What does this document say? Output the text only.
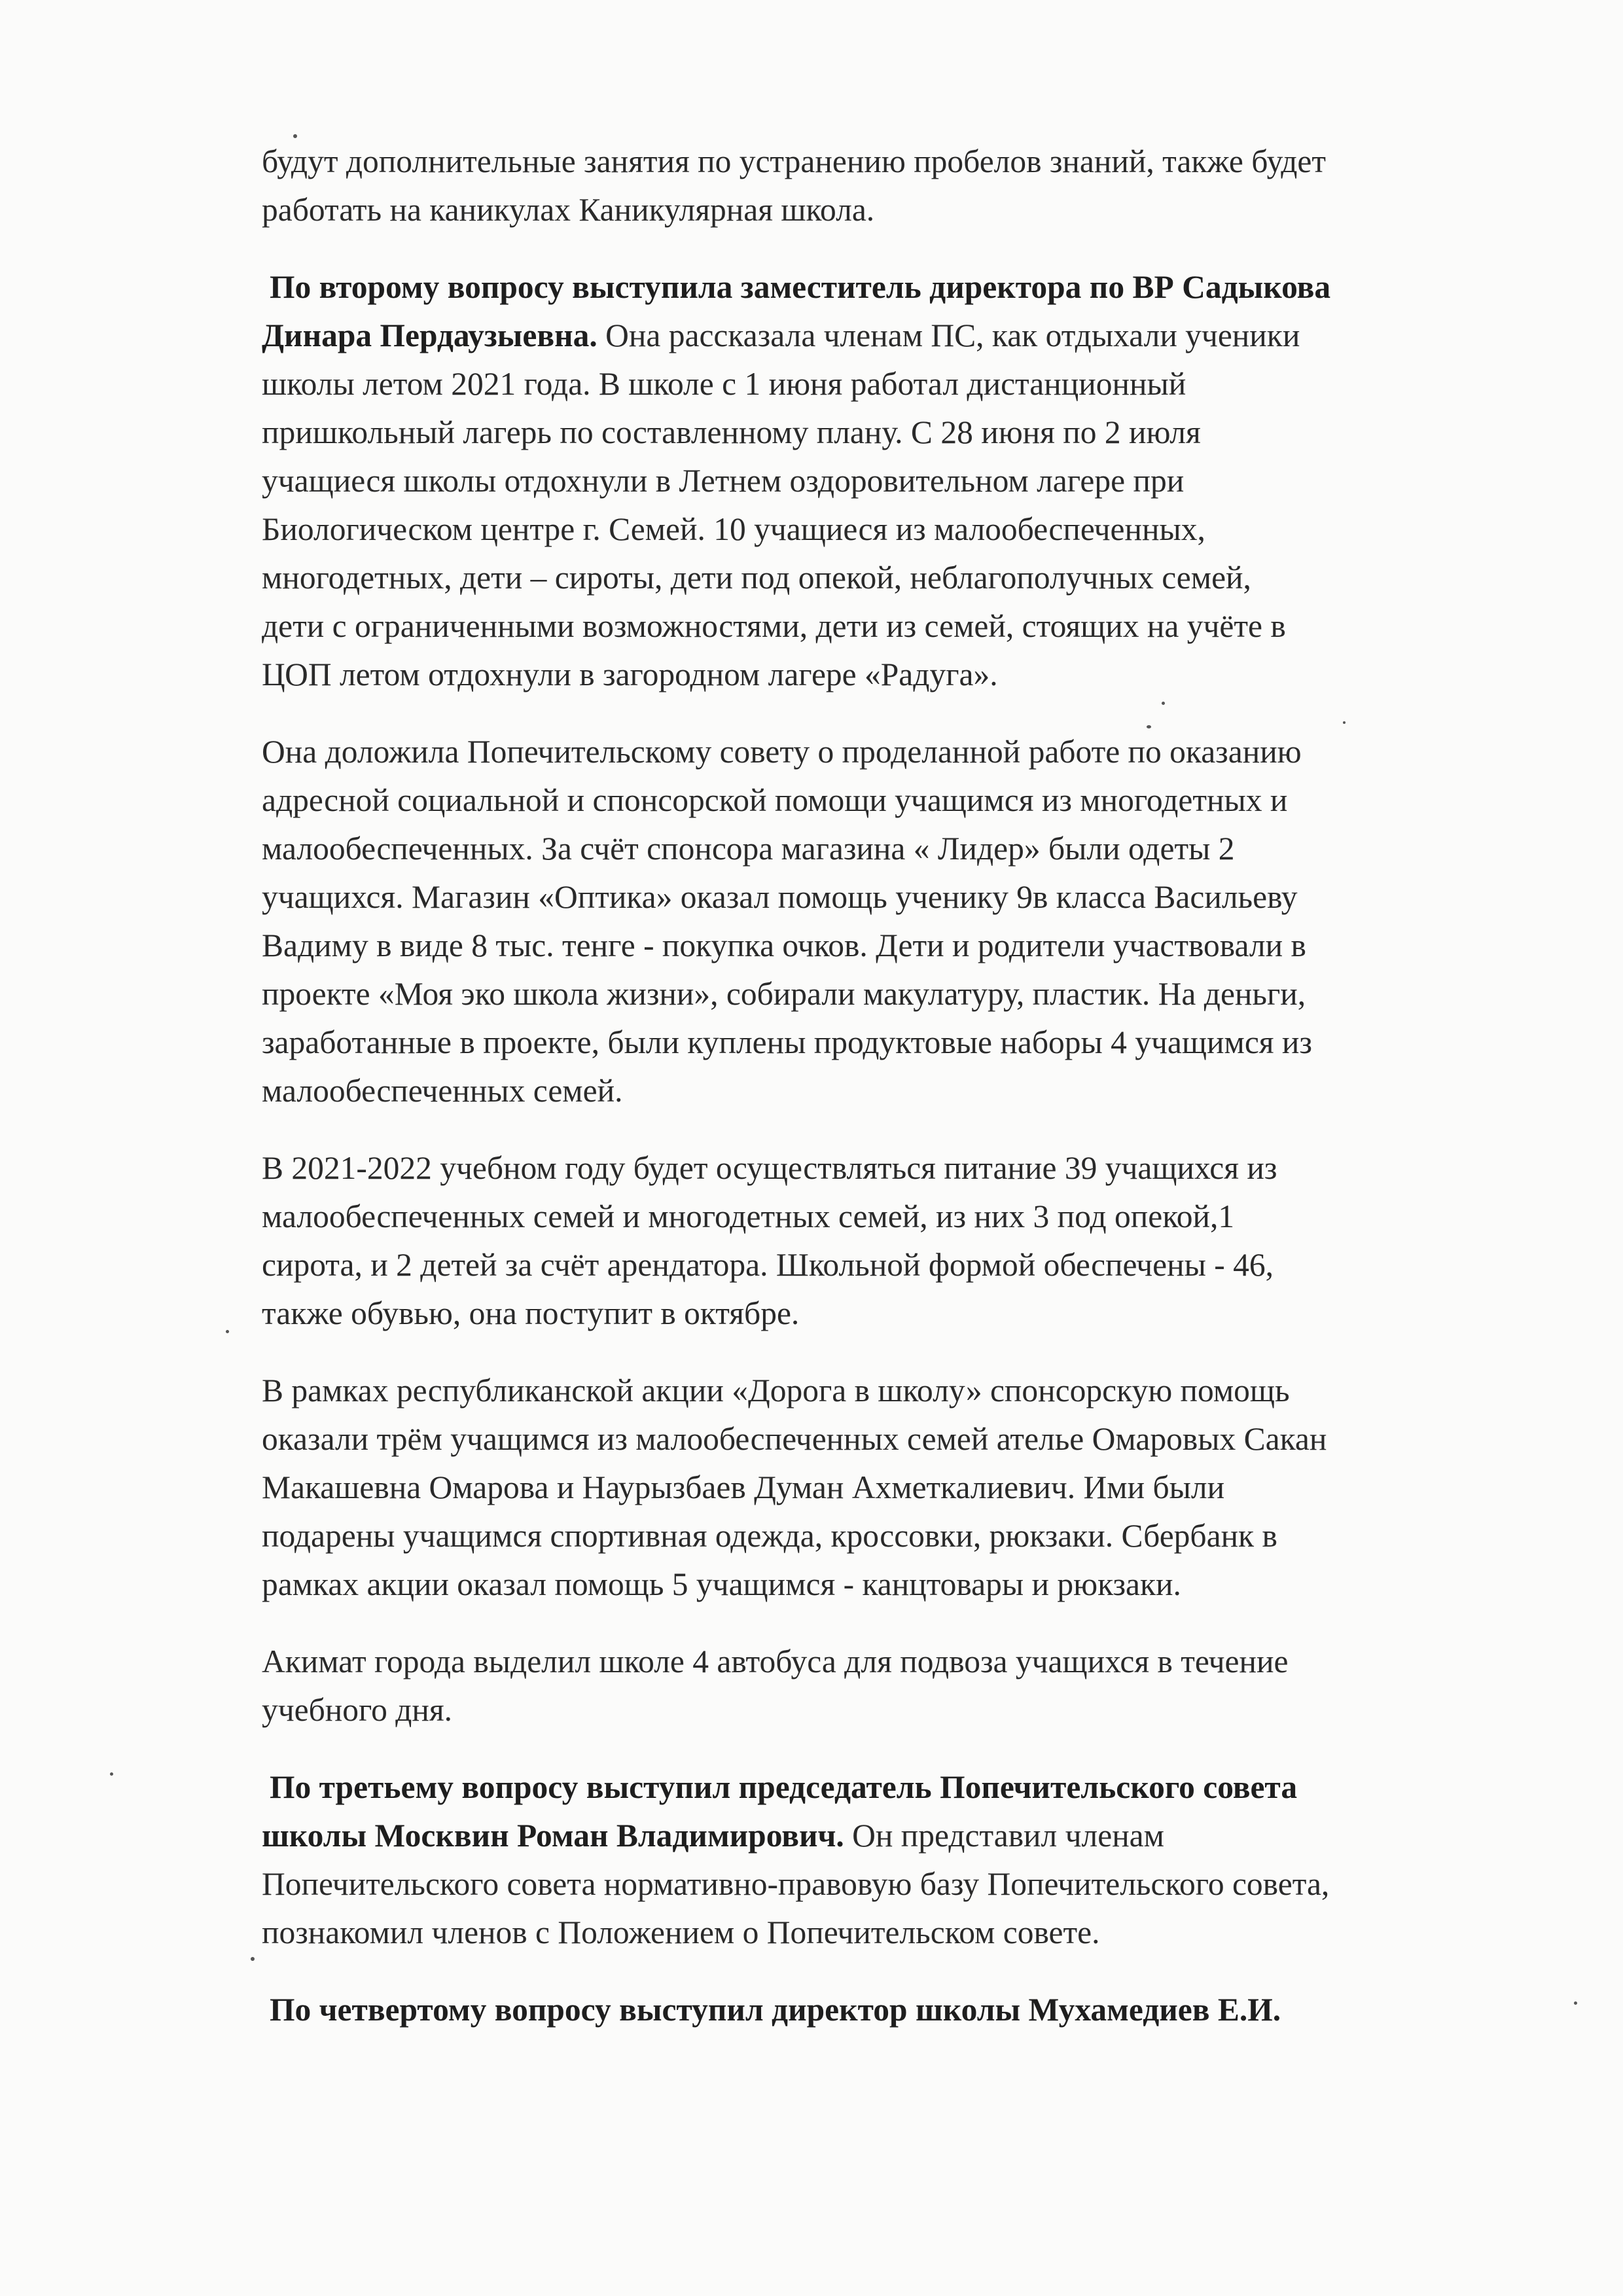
будут дополнительные занятия по устранению пробелов знаний, также будет
работать на каникулах Каникулярная школа.

По второму вопросу выступила заместитель директора по ВР Садыкова
Динара Пердаузыевна. Она рассказала членам ПС, как отдыхали ученики
школы летом 2021 года. В школе с 1 июня работал дистанционный
пришкольный лагерь по составленному плану. С 28 июня по 2 июля
учащиеся школы отдохнули в Летнем оздоровительном лагере при
Биологическом центре г. Семей. 10 учащиеся из малообеспеченных,
многодетных, дети – сироты, дети под опекой, неблагополучных семей,
дети с ограниченными возможностями, дети из семей, стоящих на учёте в
ЦОП летом отдохнули в загородном лагере «Радуга».

Она доложила Попечительскому совету о проделанной работе по оказанию
адресной социальной и спонсорской помощи учащимся из многодетных и
малообеспеченных. За счёт спонсора магазина « Лидер» были одеты 2
учащихся. Магазин «Оптика» оказал помощь ученику 9в класса Васильеву
Вадиму в виде 8 тыс. тенге - покупка очков. Дети и родители участвовали в
проекте «Моя эко школа жизни», собирали макулатуру, пластик. На деньги,
заработанные в проекте, были куплены продуктовые наборы 4 учащимся из
малообеспеченных семей.

В 2021-2022 учебном году будет осуществляться питание 39 учащихся из
малообеспеченных семей и многодетных семей, из них 3 под опекой,1
сирота, и 2 детей за счёт арендатора. Школьной формой обеспечены - 46,
также обувью, она поступит в октябре.

В рамках республиканской акции «Дорога в школу» спонсорскую помощь
оказали трём учащимся из малообеспеченных семей ателье Омаровых Сакан
Макашевна Омарова и Наурызбаев Думан Ахметкалиевич. Ими были
подарены учащимся спортивная одежда, кроссовки, рюкзаки. Сбербанк в
рамках акции оказал помощь 5 учащимся - канцтовары и рюкзаки.

Акимат города выделил школе 4 автобуса для подвоза учащихся в течение
учебного дня.

По третьему вопросу выступил председатель Попечительского совета
школы Москвин Роман Владимирович. Он представил членам
Попечительского совета нормативно-правовую базу Попечительского совета,
познакомил членов с Положением о Попечительском совете.

По четвертому вопросу выступил директор школы Мухамедиев Е.И.
